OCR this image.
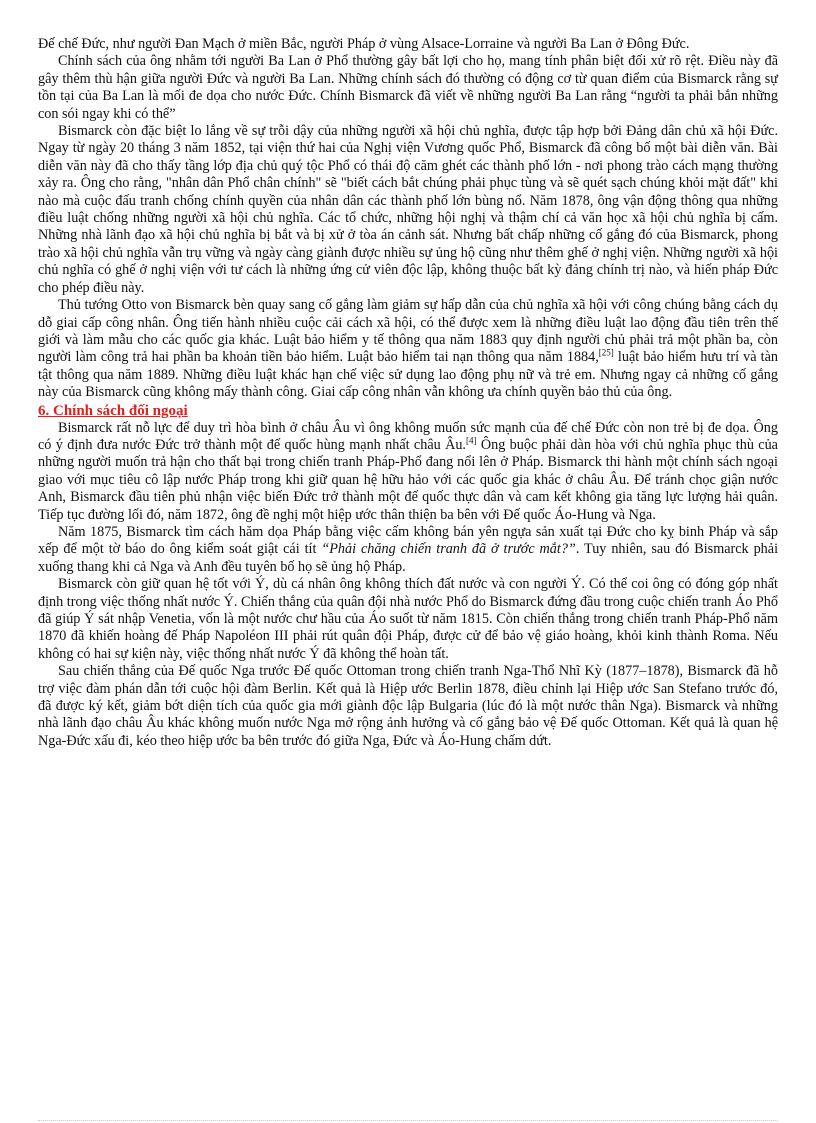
Đế chế Đức, như người Đan Mạch ở miền Bắc, người Pháp ở vùng Alsace-Lorraine và người Ba Lan ở Đông Đức.

Chính sách của ông nhằm tới người Ba Lan ở Phổ thường gây bất lợi cho họ, mang tính phân biệt đối xử rõ rệt. Điều này đã gây thêm thù hận giữa người Đức và người Ba Lan. Những chính sách đó thường có động cơ từ quan điểm của Bismarck rằng sự tồn tại của Ba Lan là mối đe dọa cho nước Đức. Chính Bismarck đã viết về những người Ba Lan rằng “người ta phải bắn những con sói ngay khi có thể”

Bismarck còn đặc biệt lo lắng về sự trỗi dậy của những người xã hội chủ nghĩa, được tập hợp bởi Đảng dân chủ xã hội Đức. Ngay từ ngày 20 tháng 3 năm 1852, tại viện thứ hai của Nghị viện Vương quốc Phổ, Bismarck đã công bố một bài diễn văn. Bài diễn văn này đã cho thấy tầng lớp địa chủ quý tộc Phổ có thái độ căm ghét các thành phố lớn - nơi phong trào cách mạng thường xảy ra. Ông cho rằng, "nhân dân Phổ chân chính" sẽ "biết cách bắt chúng phải phục tùng và sẽ quét sạch chúng khỏi mặt đất" khi nào mà cuộc đấu tranh chống chính quyền của nhân dân các thành phố lớn bùng nổ. Năm 1878, ông vận động thông qua những điều luật chống những người xã hội chủ nghĩa. Các tổ chức, những hội nghị và thậm chí cả văn học xã hội chủ nghĩa bị cấm. Những nhà lãnh đạo xã hội chủ nghĩa bị bắt và bị xử ở tòa án cảnh sát. Nhưng bất chấp những cố gắng đó của Bismarck, phong trào xã hội chủ nghĩa vẫn trụ vững và ngày càng giành được nhiều sự ủng hộ cũng như thêm ghế ở nghị viện. Những người xã hội chủ nghĩa có ghế ở nghị viện với tư cách là những ứng cử viên độc lập, không thuộc bất kỳ đảng chính trị nào, và hiến pháp Đức cho phép điều này.

Thủ tướng Otto von Bismarck bèn quay sang cố gắng làm giảm sự hấp dẫn của chủ nghĩa xã hội với công chúng bằng cách dụ dỗ giai cấp công nhân. Ông tiến hành nhiều cuộc cải cách xã hội, có thể được xem là những điều luật lao động đầu tiên trên thế giới và làm mẫu cho các quốc gia khác. Luật bảo hiểm y tế thông qua năm 1883 quy định người chủ phải trả một phần ba, còn người làm công trả hai phần ba khoản tiền bảo hiểm. Luật bảo hiểm tai nạn thông qua năm 1884,[25] luật bảo hiểm hưu trí và tàn tật thông qua năm 1889. Những điều luật khác hạn chế việc sử dụng lao động phụ nữ và trẻ em. Nhưng ngay cả những cố gắng này của Bismarck cũng không mấy thành công. Giai cấp công nhân vẫn không ưa chính quyền bảo thủ của ông.

6. Chính sách đối ngoại

Bismarck rất nỗ lực để duy trì hòa bình ở châu Âu vì ông không muốn sức mạnh của đế chế Đức còn non trẻ bị đe dọa. Ông có ý định đưa nước Đức trở thành một đế quốc hùng mạnh nhất châu Âu.[4] Ông buộc phải dàn hòa với chủ nghĩa phục thù của những người muốn trả hận cho thất bại trong chiến tranh Pháp-Phổ đang nổi lên ở Pháp. Bismarck thi hành một chính sách ngoại giao với mục tiêu cô lập nước Pháp trong khi giữ quan hệ hữu hảo với các quốc gia khác ở châu Âu. Để tránh chọc giận nước Anh, Bismarck đầu tiên phủ nhận việc biến Đức trở thành một đế quốc thực dân và cam kết không gia tăng lực lượng hải quân. Tiếp tục đường lối đó, năm 1872, ông đề nghị một hiệp ước thân thiện ba bên với Đế quốc Áo-Hung và Nga.

Năm 1875, Bismarck tìm cách hăm dọa Pháp bằng việc cấm không bán yên ngựa sản xuất tại Đức cho kỵ binh Pháp và sắp xếp để một tờ báo do ông kiểm soát giật cái tít “Phải chăng chiến tranh đã ở trước mắt?”. Tuy nhiên, sau đó Bismarck phải xuống thang khi cả Nga và Anh đều tuyên bố họ sẽ ủng hộ Pháp.

Bismarck còn giữ quan hệ tốt với Ý, dù cá nhân ông không thích đất nước và con người Ý. Có thể coi ông có đóng góp nhất định trong việc thống nhất nước Ý. Chiến thắng của quân đội nhà nước Phổ do Bismarck đứng đầu trong cuộc chiến tranh Áo Phổ đã giúp Ý sát nhập Venetia, vốn là một nước chư hầu của Áo suốt từ năm 1815. Còn chiến thắng trong chiến tranh Pháp-Phổ năm 1870 đã khiến hoàng đế Pháp Napoléon III phải rút quân đội Pháp, được cử để bảo vệ giáo hoàng, khỏi kinh thành Roma. Nếu không có hai sự kiện này, việc thống nhất nước Ý đã không thể hoàn tất.

Sau chiến thắng của Đế quốc Nga trước Đế quốc Ottoman trong chiến tranh Nga-Thổ Nhĩ Kỳ (1877–1878), Bismarck đã hỗ trợ việc đàm phán dẫn tới cuộc hội đàm Berlin. Kết quả là Hiệp ước Berlin 1878, điều chỉnh lại Hiệp ước San Stefano trước đó, đã được ký kết, giảm bớt diện tích của quốc gia mới giành độc lập Bulgaria (lúc đó là một nước thân Nga). Bismarck và những nhà lãnh đạo châu Âu khác không muốn nước Nga mở rộng ảnh hưởng và cố gắng bảo vệ Đế quốc Ottoman. Kết quả là quan hệ Nga-Đức xấu đi, kéo theo hiệp ước ba bên trước đó giữa Nga, Đức và Áo-Hung chấm dứt.
